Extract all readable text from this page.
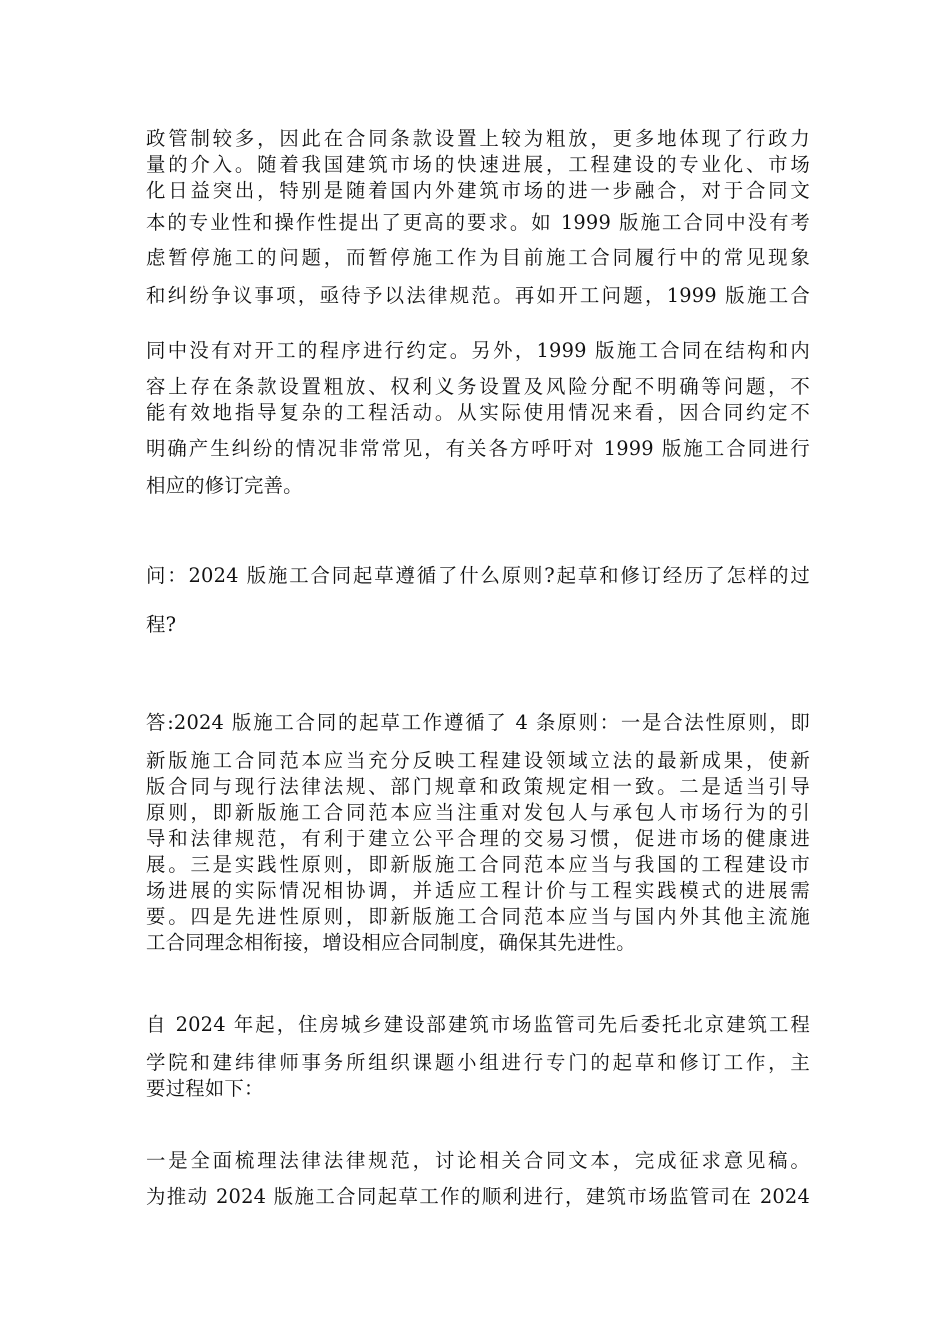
政管制较多，因此在合同条款设置上较为粗放，更多地体现了行政力
量的介入。随着我国建筑市场的快速进展，工程建设的专业化、市场
化日益突出，特别是随着国内外建筑市场的进一步融合，对于合同文
本的专业性和操作性提出了更高的要求。如 1999 版施工合同中没有考
虑暂停施工的问题，而暂停施工作为目前施工合同履行中的常见现象
和纠纷争议事项，亟待予以法律规范。再如开工问题，1999 版施工合
同中没有对开工的程序进行约定。另外，1999 版施工合同在结构和内
容上存在条款设置粗放、权利义务设置及风险分配不明确等问题，不
能有效地指导复杂的工程活动。从实际使用情况来看，因合同约定不
明确产生纠纷的情况非常常见，有关各方呼吁对 1999 版施工合同进行
相应的修订完善。
问：2024 版施工合同起草遵循了什么原则?起草和修订经历了怎样的过
程?
答:2024 版施工合同的起草工作遵循了 4 条原则：一是合法性原则，即
新版施工合同范本应当充分反映工程建设领域立法的最新成果，使新
版合同与现行法律法规、部门规章和政策规定相一致。二是适当引导
原则，即新版施工合同范本应当注重对发包人与承包人市场行为的引
导和法律规范，有利于建立公平合理的交易习惯，促进市场的健康进
展。三是实践性原则，即新版施工合同范本应当与我国的工程建设市
场进展的实际情况相协调，并适应工程计价与工程实践模式的进展需
要。四是先进性原则，即新版施工合同范本应当与国内外其他主流施
工合同理念相衔接，增设相应合同制度，确保其先进性。
自 2024 年起，住房城乡建设部建筑市场监管司先后委托北京建筑工程
学院和建纬律师事务所组织课题小组进行专门的起草和修订工作，主
要过程如下：
一是全面梳理法律法律规范，讨论相关合同文本，完成征求意见稿。
为推动 2024 版施工合同起草工作的顺利进行，建筑市场监管司在 2024
